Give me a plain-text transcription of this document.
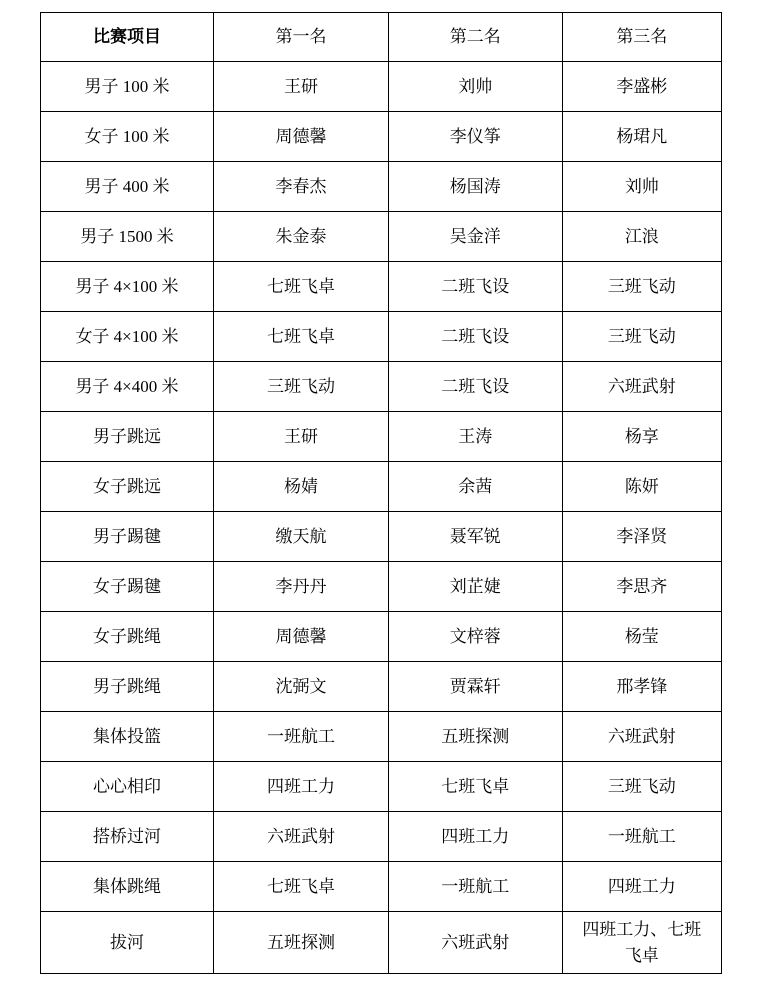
比赛项目	第一名	第二名	第三名
男子 100 米	王研	刘帅	李盛彬
女子 100 米	周德馨	李仪筝	杨珺凡
男子 400 米	李春杰	杨国涛	刘帅
男子 1500 米	朱金泰	吴金洋	江浪
男子 4×100 米	七班飞卓	二班飞设	三班飞动
女子 4×100 米	七班飞卓	二班飞设	三班飞动
男子 4×400 米	三班飞动	二班飞设	六班武射
男子跳远	王研	王涛	杨享
女子跳远	杨婧	余茜	陈妍
男子踢毽	缴天航	聂军锐	李泽贤
女子踢毽	李丹丹	刘芷婕	李思齐
女子跳绳	周德馨	文梓蓉	杨莹
男子跳绳	沈弼文	贾霖轩	邢孝锋
集体投篮	一班航工	五班探测	六班武射
心心相印	四班工力	七班飞卓	三班飞动
搭桥过河	六班武射	四班工力	一班航工
集体跳绳	七班飞卓	一班航工	四班工力
拔河	五班探测	六班武射	四班工力、七班
飞卓
